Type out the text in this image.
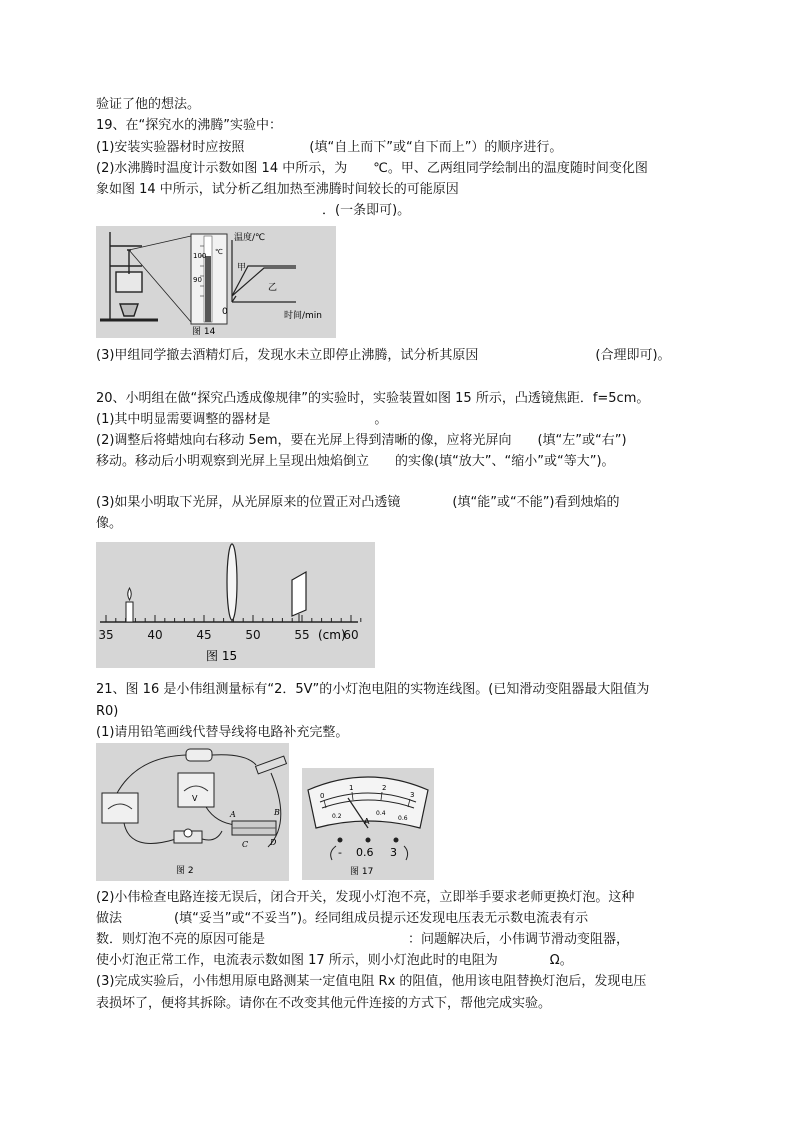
验证了他的想法。
19、在“探究水的沸腾”实验中：
(1)安装实验器材时应按照　　　　　(填“自上而下”或“自下而上”）的顺序进行。
(2)水沸腾时温度计示数如图 14 中所示，为　　℃。甲、乙两组同学绘制出的温度随时间变化图
象如图 14 中所示，试分析乙组加热至沸腾时间较长的可能原因
．(一条即可)。
100
90
℃
温度/℃
甲
乙
0	时间/min
图 14
(3)甲组同学撤去酒精灯后，发现水未立即停止沸腾，试分析其原因　　　　　　　　　(合理即可)。
20、小明组在做“探究凸透成像规律”的实验时，实验装置如图 15 所示，凸透镜焦距．f=5cm。
(1)其中明显需要调整的器材是　　　　　　　　。
(2)调整后将蜡烛向右移动 5em，要在光屏上得到清晰的像，应将光屏向　　(填“左”或“右”)
移动。移动后小明观察到光屏上呈现出烛焰倒立　　的实像(填“放大”、“缩小”或“等大”)。
(3)如果小明取下光屏，从光屏原来的位置正对凸透镜　　　　(填“能”或“不能”)看到烛焰的
像。
35	40	45	50	55	60
(cm)
图 15
21、图 16 是小伟组测量标有“2．5V”的小灯泡电阻的实物连线图。(已知滑动变阻器最大阻值为
R0)
(1)请用铅笔画线代替导线将电路补充完整。
V
A	B
C	D
图 2
0
1	2
3
0.2	0.4
0.6
A
- 0.6 3
图 17
(2)小伟检查电路连接无误后，闭合开关，发现小灯泡不亮，立即举手要求老师更换灯泡。这种
做法　　　　(填“妥当”或“不妥当”)。经同组成员提示还发现电压表无示数电流表有示
数．则灯泡不亮的原因可能是　　　　　　　　　　　：问题解决后，小伟调节滑动变阻器，
使小灯泡正常工作，电流表示数如图 17 所示，则小灯泡此时的电阻为　　　　Ω。
(3)完成实验后，小伟想用原电路测某一定值电阻 Rx 的阻值，他用该电阻替换灯泡后，发现电压
表损坏了，便将其拆除。请你在不改变其他元件连接的方式下，帮他完成实验。
